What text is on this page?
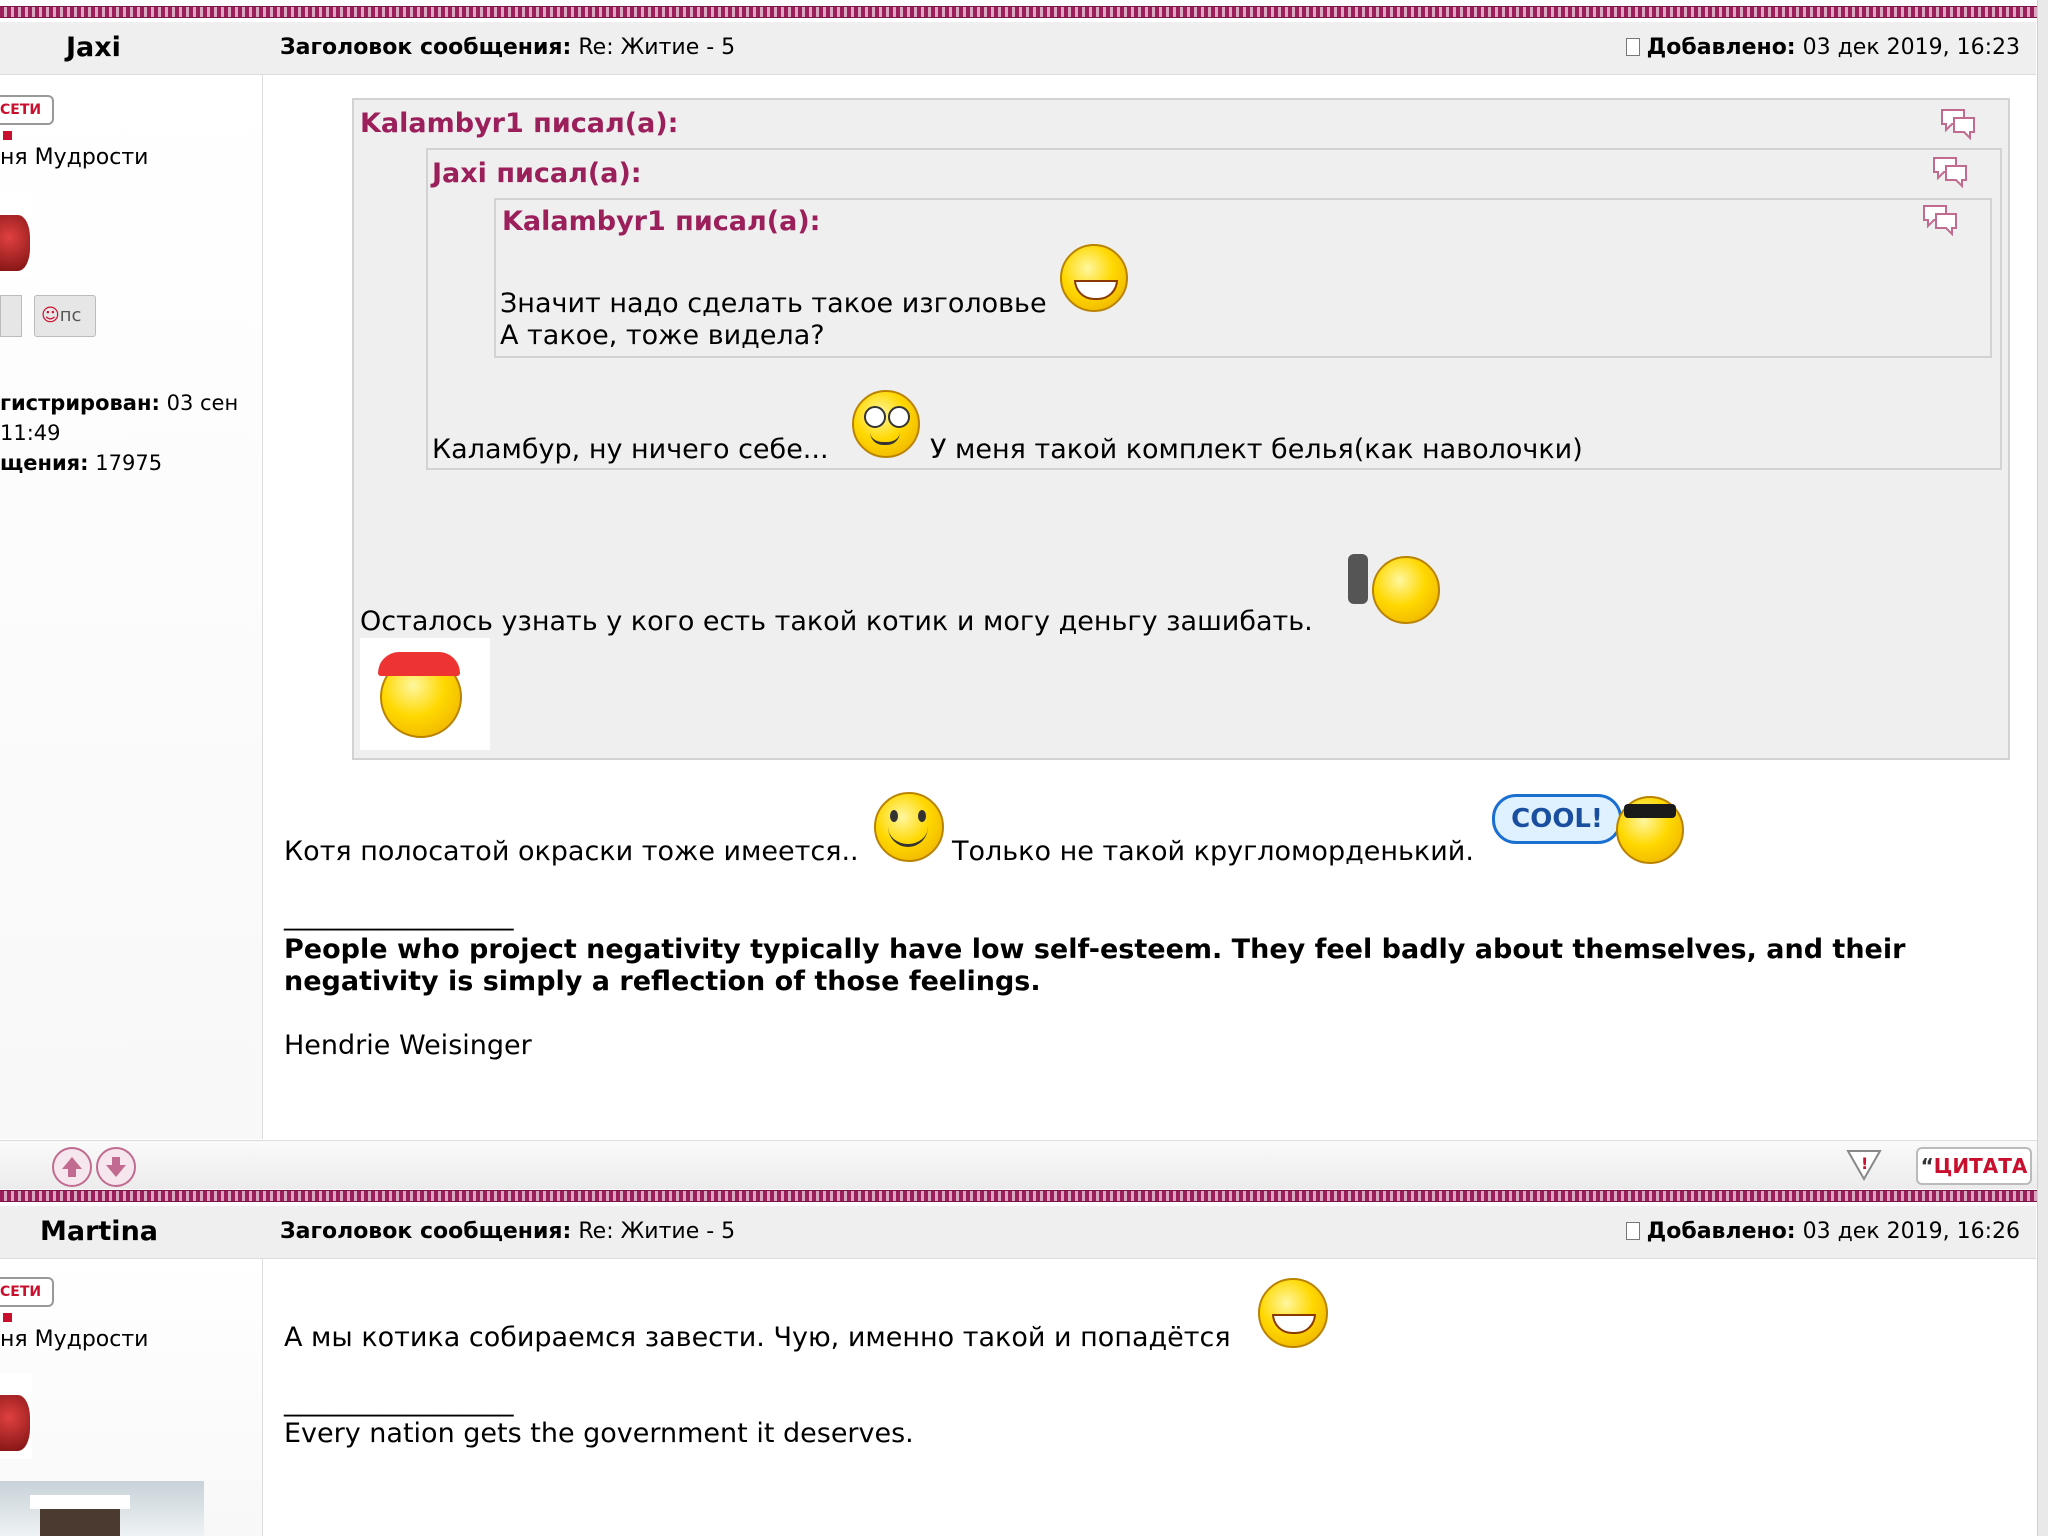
Jaxi	Заголовок сообщения: Re: Житие - 5	Добавлено: 03 дек 2019, 16:23
СЕТИ
ня Мудрости
☺пс
гистрирован: 03 сен
11:49
щения: 17975
Kalambyr1 писал(а):
Jaxi писал(а):
Kalambyr1 писал(а):
Значит надо сделать такое изголовье
А такое, тоже видела?
Каламбур, ну ничего себе...	У меня такой комплект белья(как наволочки)
Осталось узнать у кого есть такой котик и могу деньгу зашибать.
Котя полосатой окраски тоже имеется..	Только не такой кругломорденький.
COOL!
_________________
People who project negativity typically have low self-esteem. They feel badly about themselves, and their negativity is simply a reflection of those feelings.
Hendrie Weisinger
!	“ЦИТАТА
Martina	Заголовок сообщения: Re: Житие - 5	Добавлено: 03 дек 2019, 16:26
СЕТИ
ня Мудрости	А мы котика собираемся завести. Чую, именно такой и попадётся
_________________
Every nation gets the government it deserves.
